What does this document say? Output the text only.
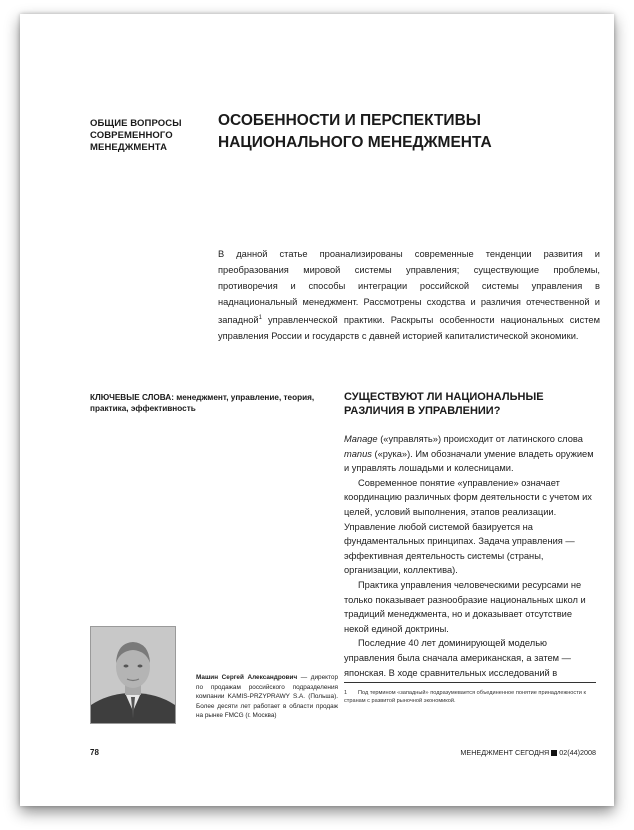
ОБЩИЕ ВОПРОСЫ
СОВРЕМЕННОГО
МЕНЕДЖМЕНТА
ОСОБЕННОСТИ И ПЕРСПЕКТИВЫ
НАЦИОНАЛЬНОГО МЕНЕДЖМЕНТА
В данной статье проанализированы современные тенденции развития и преобразования мировой системы управления; существующие проблемы, противоречия и способы интеграции российской системы управления в наднациональный менеджмент. Рассмотрены сходства и различия отечественной и западной$^1$ управленческой практики. Раскрыты особенности национальных систем управления России и государств с давней историей капиталистической экономики.
КЛЮЧЕВЫЕ СЛОВА: менеджмент, управление, теория, практика, эффективность
СУЩЕСТВУЮТ ЛИ НАЦИОНАЛЬНЫЕ
РАЗЛИЧИЯ В УПРАВЛЕНИИ?

Manage («управлять») происходит от латинского слова manus («рука»). Им обозначали умение владеть оружием и управлять лошадьми и колесницами.

Современное понятие «управление» означает координацию различных форм деятельности с учетом их целей, условий выполнения, этапов реализации. Управление любой системой базируется на фундаментальных принципах. Задача управления — эффективная деятельность системы (страны, организации, коллектива).

Практика управления человеческими ресурсами не только показывает разнообразие национальных школ и традиций менеджмента, но и доказывает отсутствие некой единой доктрины.

Последние 40 лет доминирующей моделью управления была сначала американская, а затем — японская. В ходе сравнительных исследований в

1 Под термином «западный» подразумевается объединенное понятие принадлежности к странам с развитой рыночной экономикой.
Машин Сергей Александрович — директор по продажам российского подразделения компании KAMIS-PRZYPRAWY S.A. (Польша). Более десяти лет работает в области продаж на рынке FMCG (г. Москва)
78	МЕНЕДЖМЕНТ СЕГОДНЯ 02(44)2008
